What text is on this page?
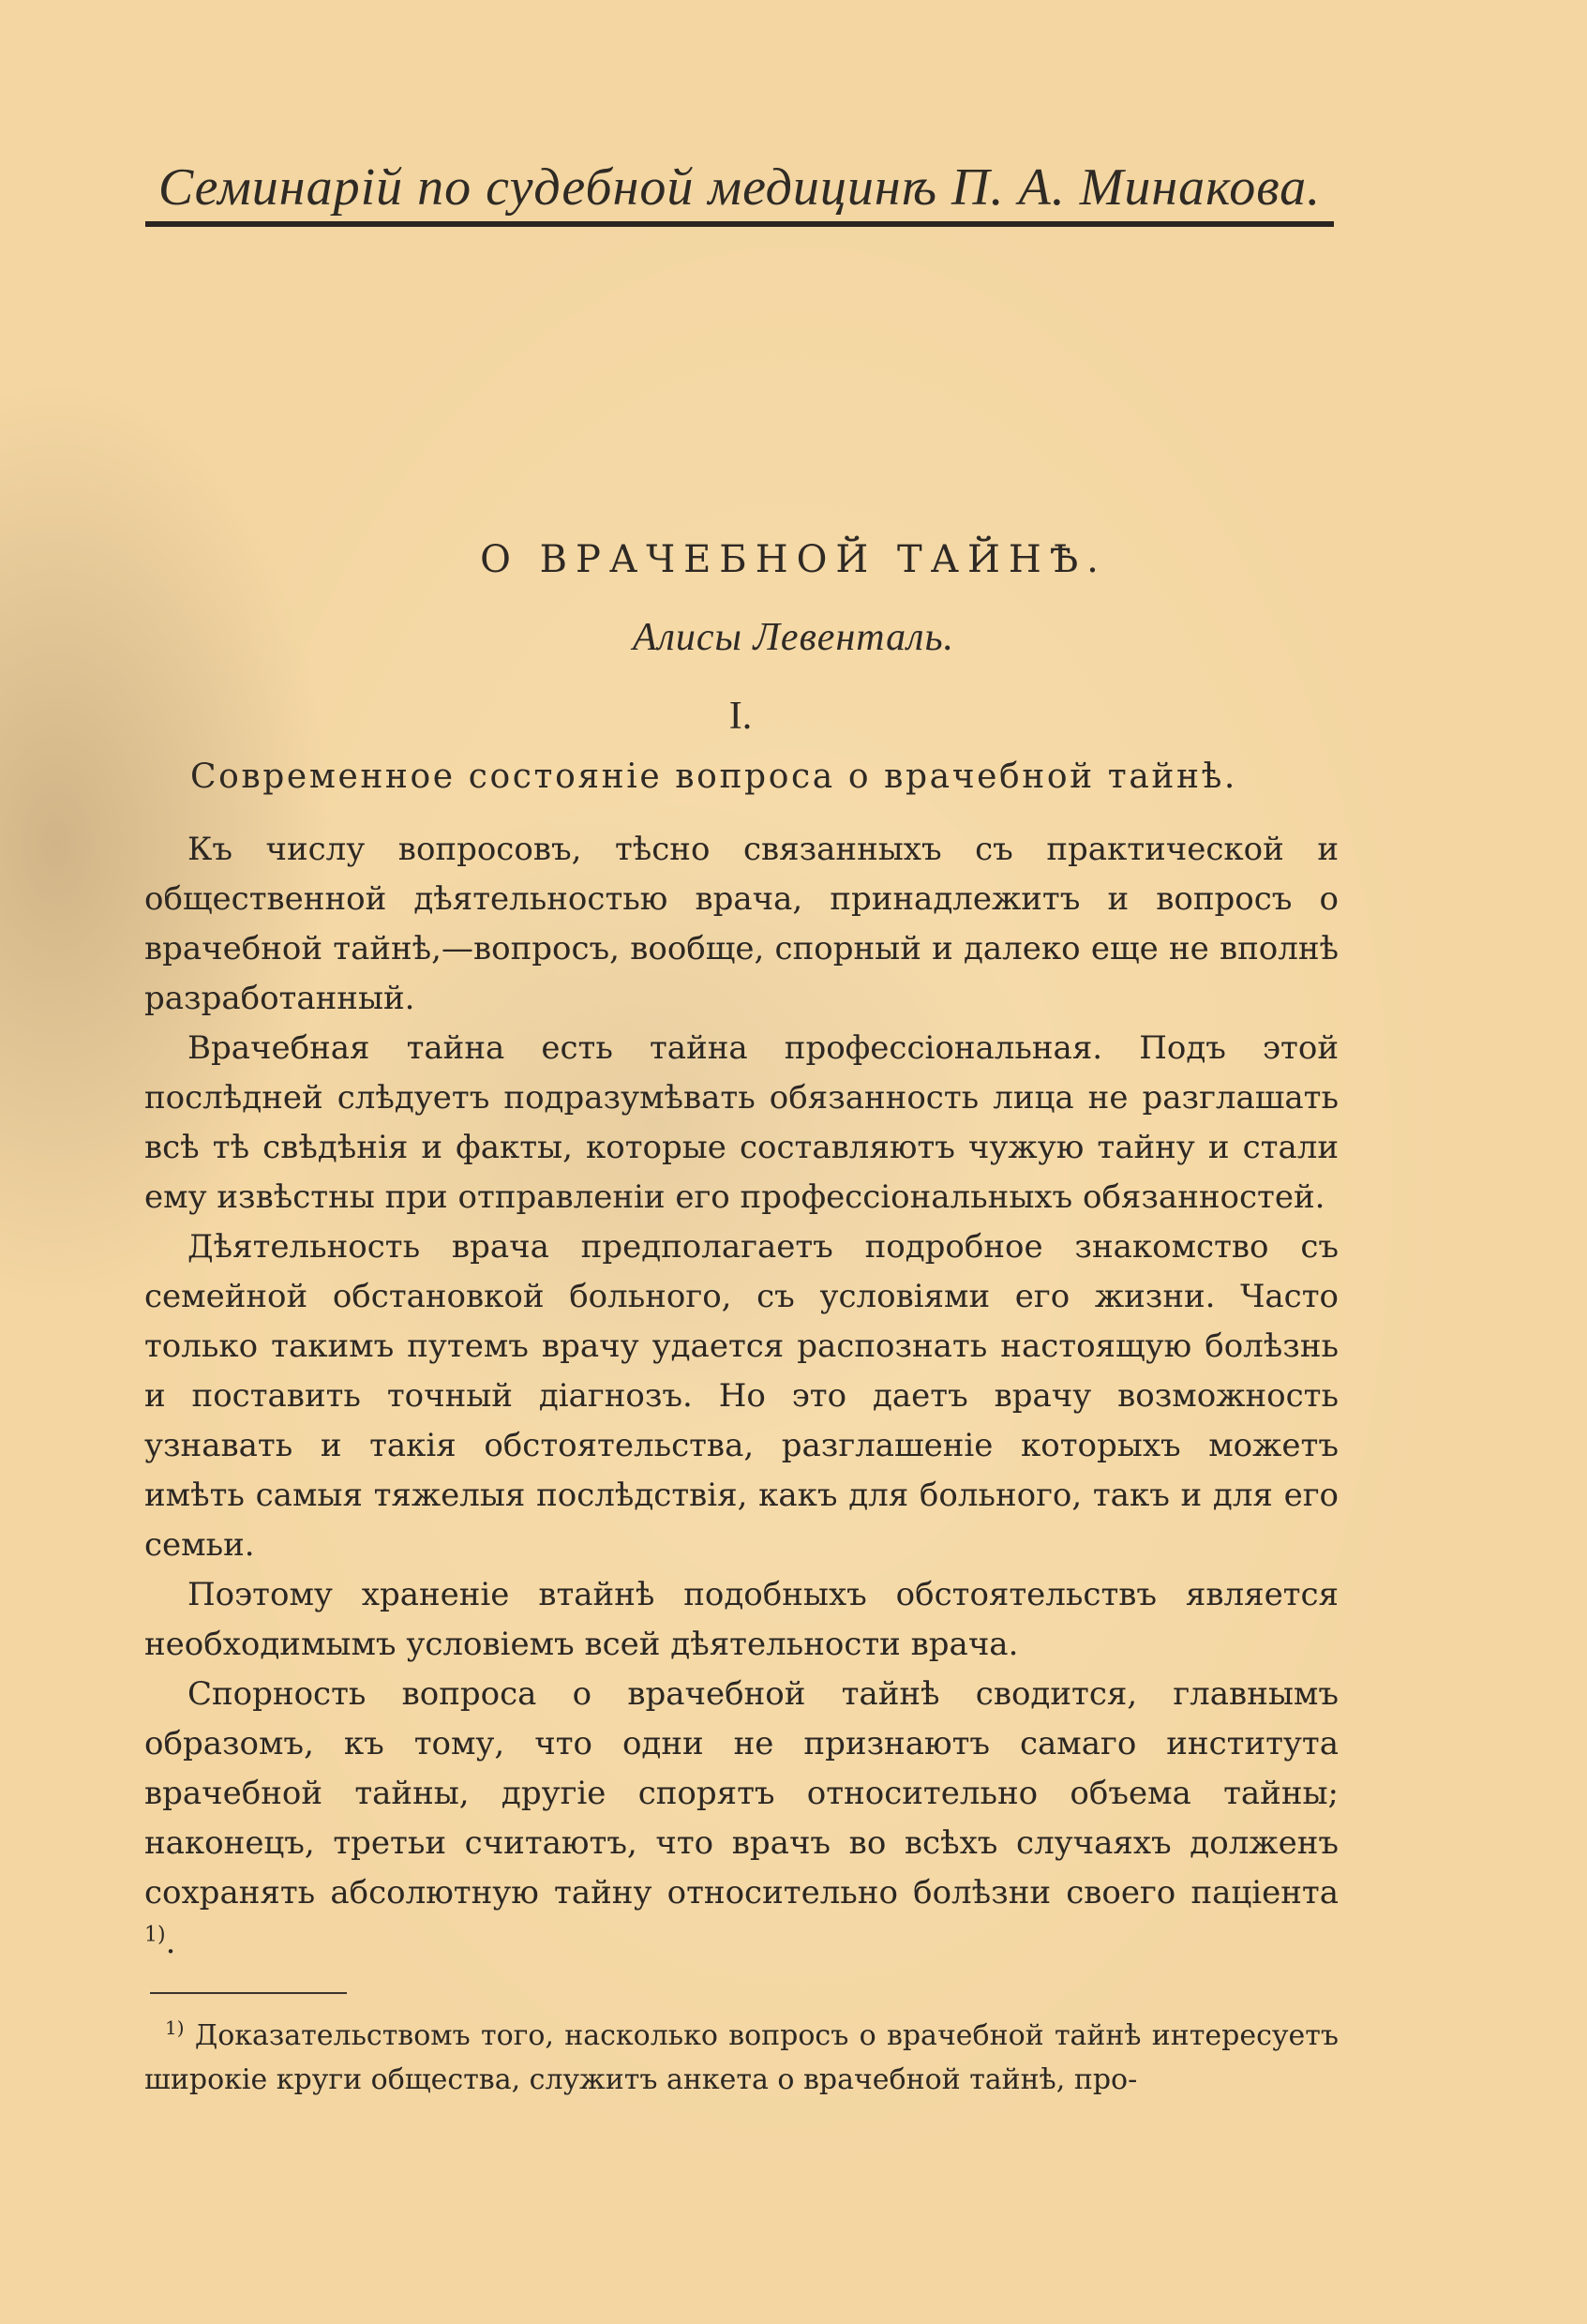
Семинарій по судебной медицинѣ П. А. Минакова.
О ВРАЧЕБНОЙ ТАЙНѢ.
Алисы Левенталь.
I.
Современное состояніе вопроса о врачебной тайнѣ.

Къ числу вопросовъ, тѣсно связанныхъ съ практической и общественной дѣятельностью врача, принадлежитъ и вопросъ о врачебной тайнѣ,—вопросъ, вообще, спорный и далеко еще не вполнѣ разработанный.

Врачебная тайна есть тайна профессіональная. Подъ этой послѣдней слѣдуетъ подразумѣвать обязанность лица не разглашать всѣ тѣ свѣдѣнія и факты, которые составляютъ чужую тайну и стали ему извѣстны при отправленіи его профессіональныхъ обязанностей.

Дѣятельность врача предполагаетъ подробное знакомство съ семейной обстановкой больного, съ условіями его жизни. Часто только такимъ путемъ врачу удается распознать настоящую болѣзнь и поставить точный діагнозъ. Но это даетъ врачу возможность узнавать и такія обстоятельства, разглашеніе которыхъ можетъ имѣть самыя тяжелыя послѣдствія, какъ для больного, такъ и для его семьи.

Поэтому храненіе втайнѣ подобныхъ обстоятельствъ является необходимымъ условіемъ всей дѣятельности врача.

Спорность вопроса о врачебной тайнѣ сводится, главнымъ образомъ, къ тому, что одни не признаютъ самаго института врачебной тайны, другіе спорятъ относительно объема тайны; наконецъ, третьи считаютъ, что врачъ во всѣхъ случаяхъ долженъ сохранять абсолютную тайну относительно болѣзни своего паціента $^{1)}$.

$^{1)}$ Доказательствомъ того, насколько вопросъ о врачебной тайнѣ интересуетъ широкіе круги общества, служитъ анкета о врачебной тайнѣ, про-
